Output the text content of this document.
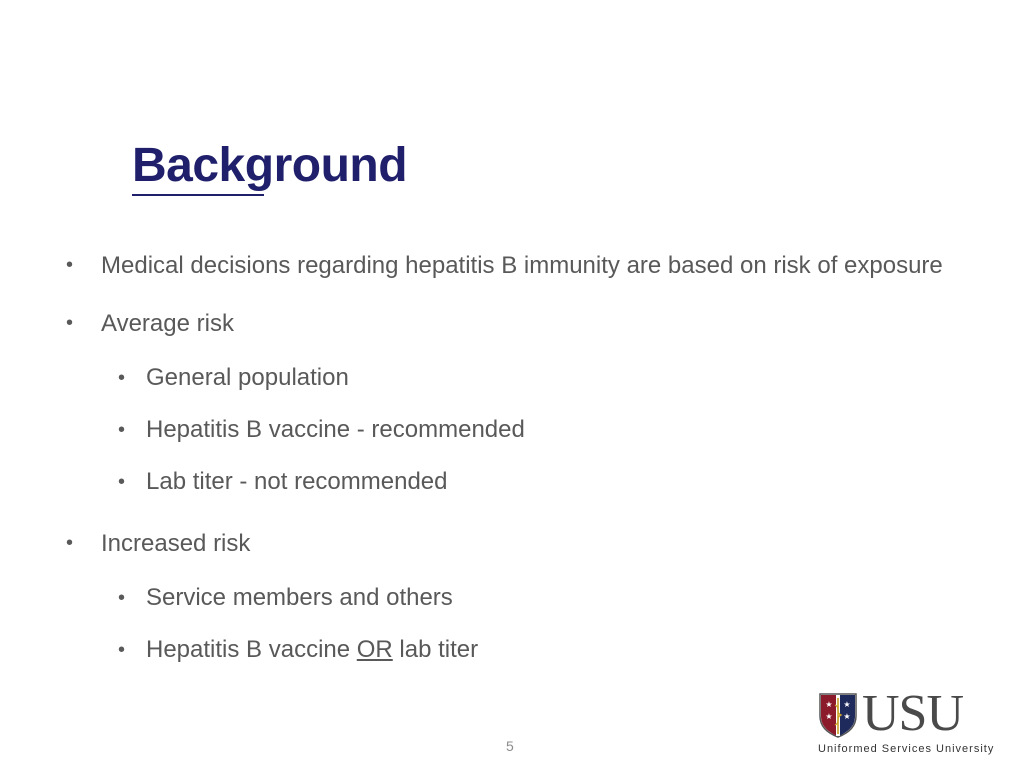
Background
• Medical decisions regarding hepatitis B immunity are based on risk of exposure
• Average risk
• General population
• Hepatitis B vaccine - recommended
• Lab titer - not recommended
• Increased risk
• Service members and others
• Hepatitis B vaccine OR lab titer
5
★ ★
★
★ USU
Uniformed Services University
